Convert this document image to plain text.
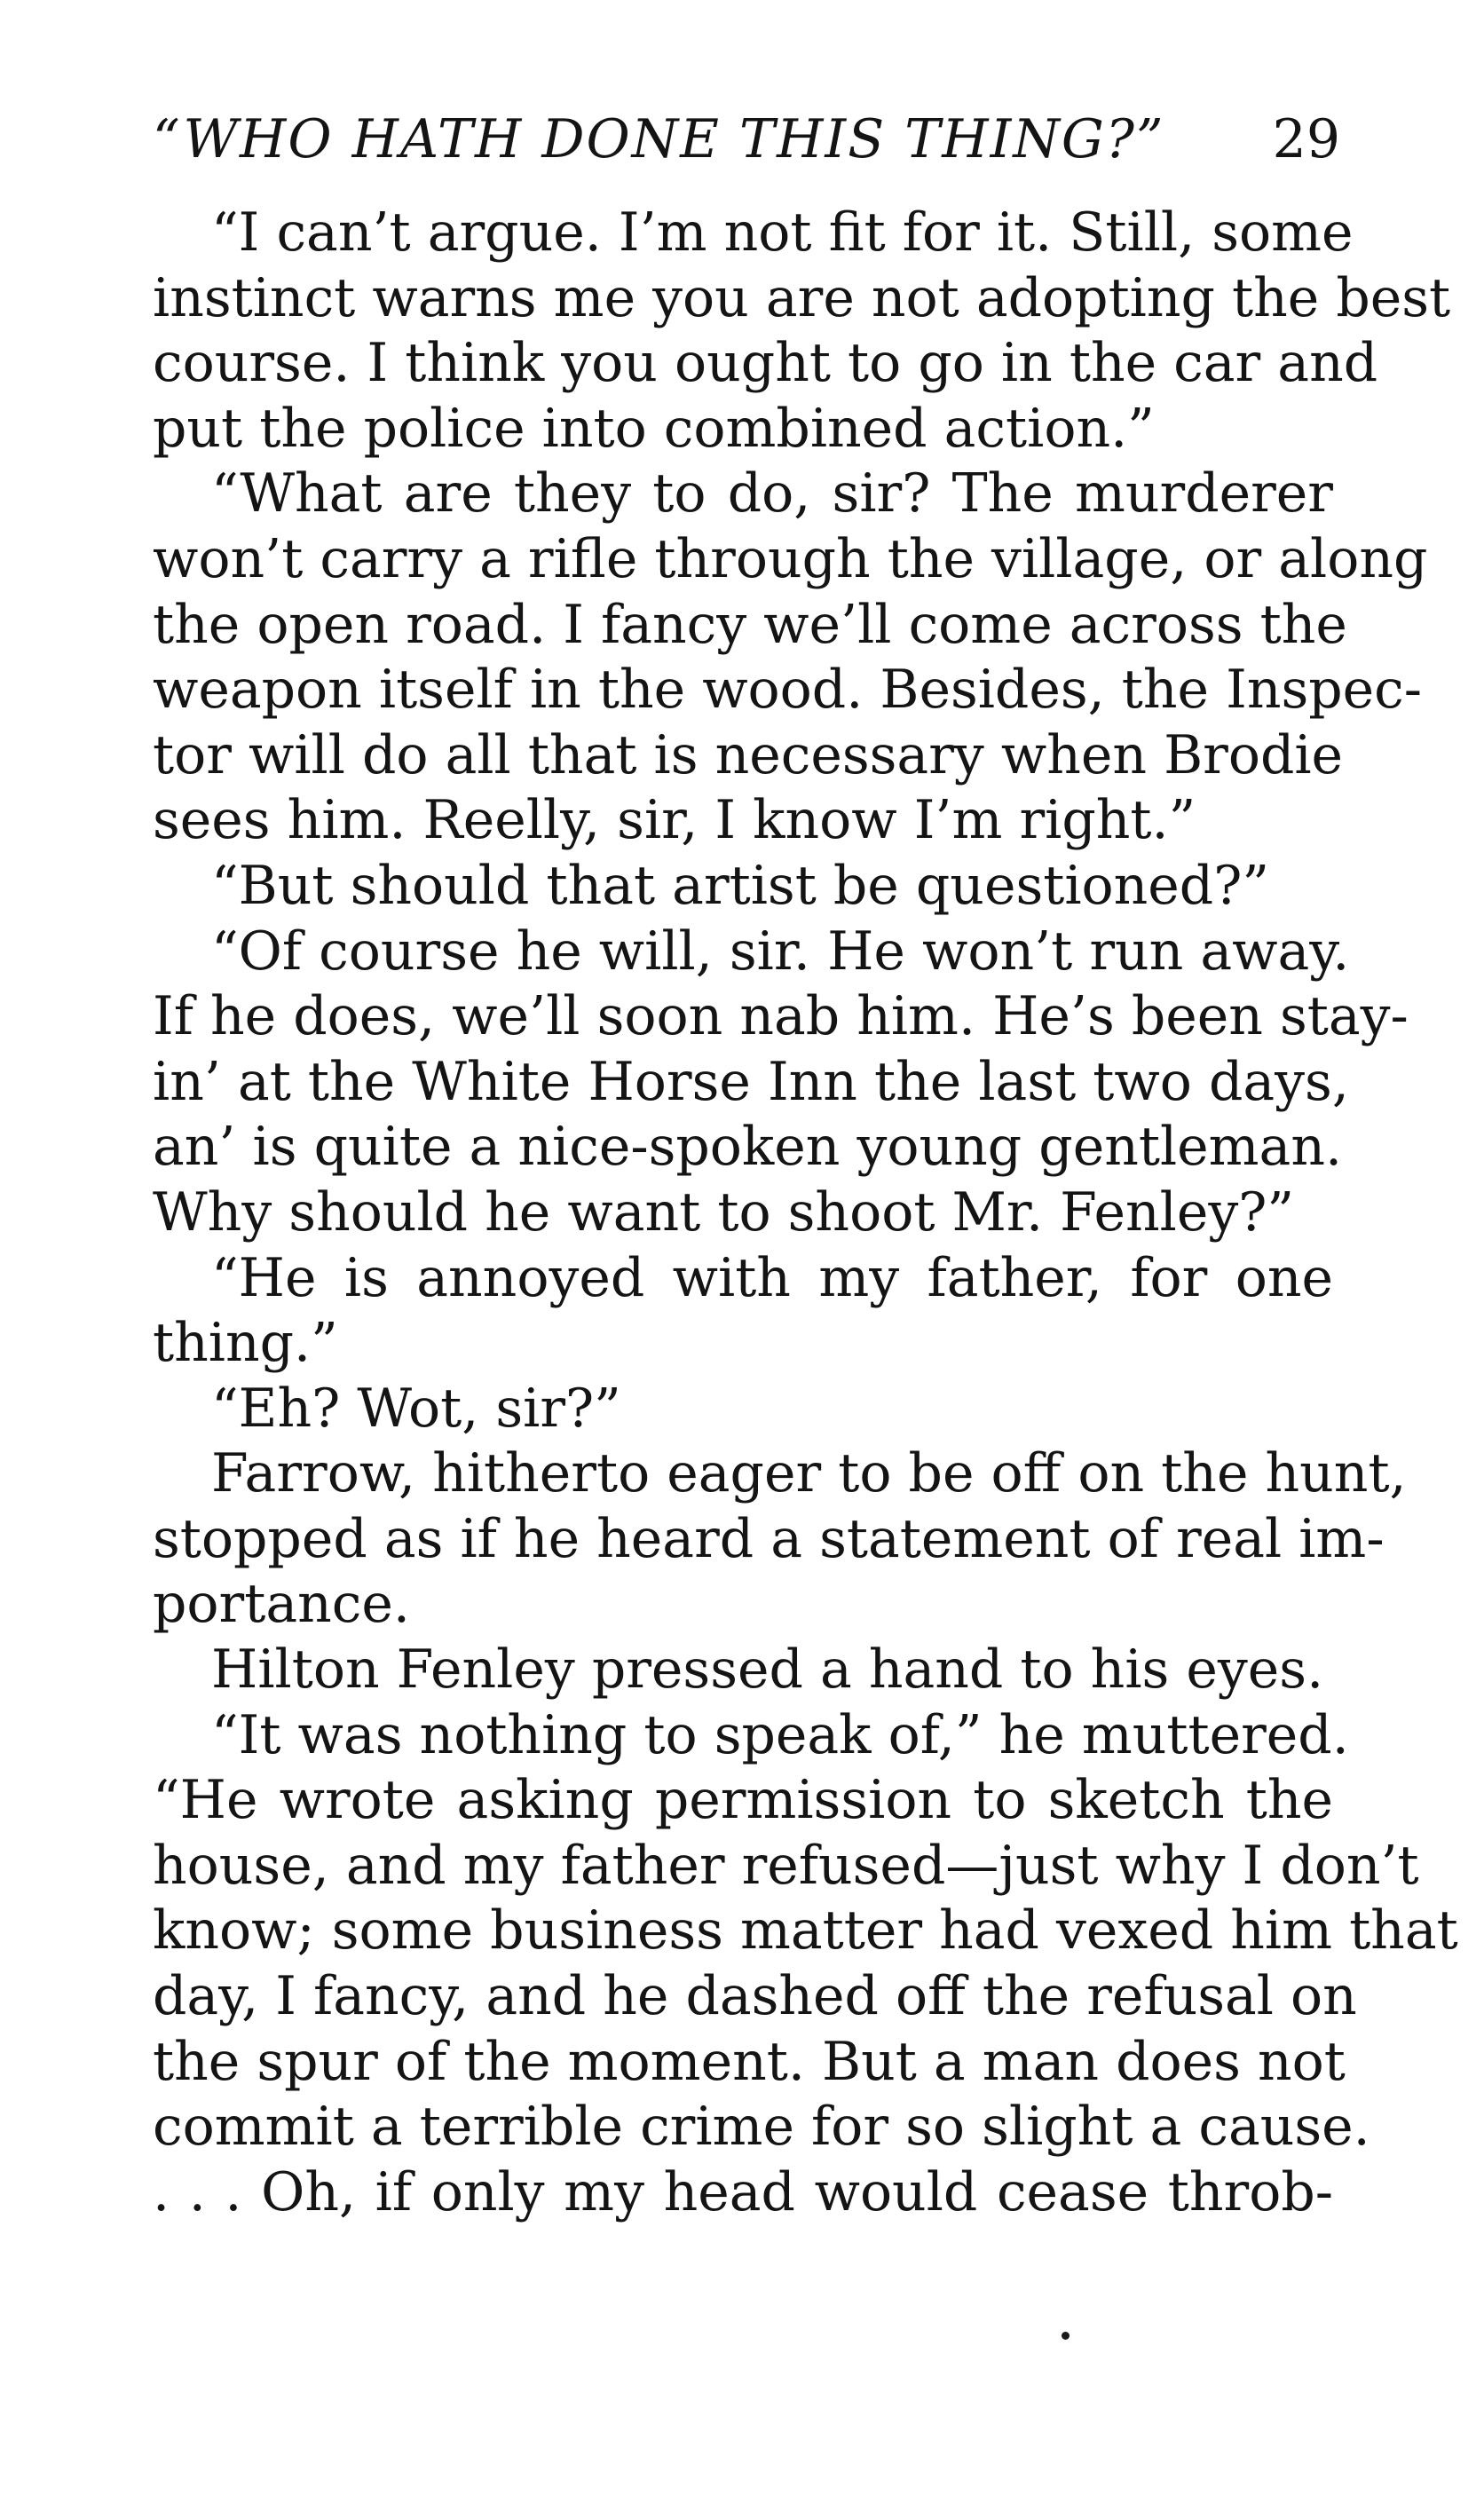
“WHO HATH DONE THIS THING?” 29
“I can’t argue. I’m not fit for it. Still, some
instinct warns me you are not adopting the best
course. I think you ought to go in the car and
put the police into combined action.”
“What are they to do, sir? The murderer
won’t carry a rifle through the village, or along
the open road. I fancy we’ll come across the
weapon itself in the wood. Besides, the Inspec-
tor will do all that is necessary when Brodie
sees him. Reelly, sir, I know I’m right.”
“But should that artist be questioned?”
“Of course he will, sir. He won’t run away.
If he does, we’ll soon nab him. He’s been stay-
in’ at the White Horse Inn the last two days,
an’ is quite a nice-spoken young gentleman.
Why should he want to shoot Mr. Fenley?”
“He is annoyed with my father, for one
thing.”
“Eh? Wot, sir?”
Farrow, hitherto eager to be off on the hunt,
stopped as if he heard a statement of real im-
portance.
Hilton Fenley pressed a hand to his eyes.
“It was nothing to speak of,” he muttered.
“He wrote asking permission to sketch the
house, and my father refused—just why I don’t
know; some business matter had vexed him that
day, I fancy, and he dashed off the refusal on
the spur of the moment. But a man does not
commit a terrible crime for so slight a cause.
. . . Oh, if only my head would cease throb-
